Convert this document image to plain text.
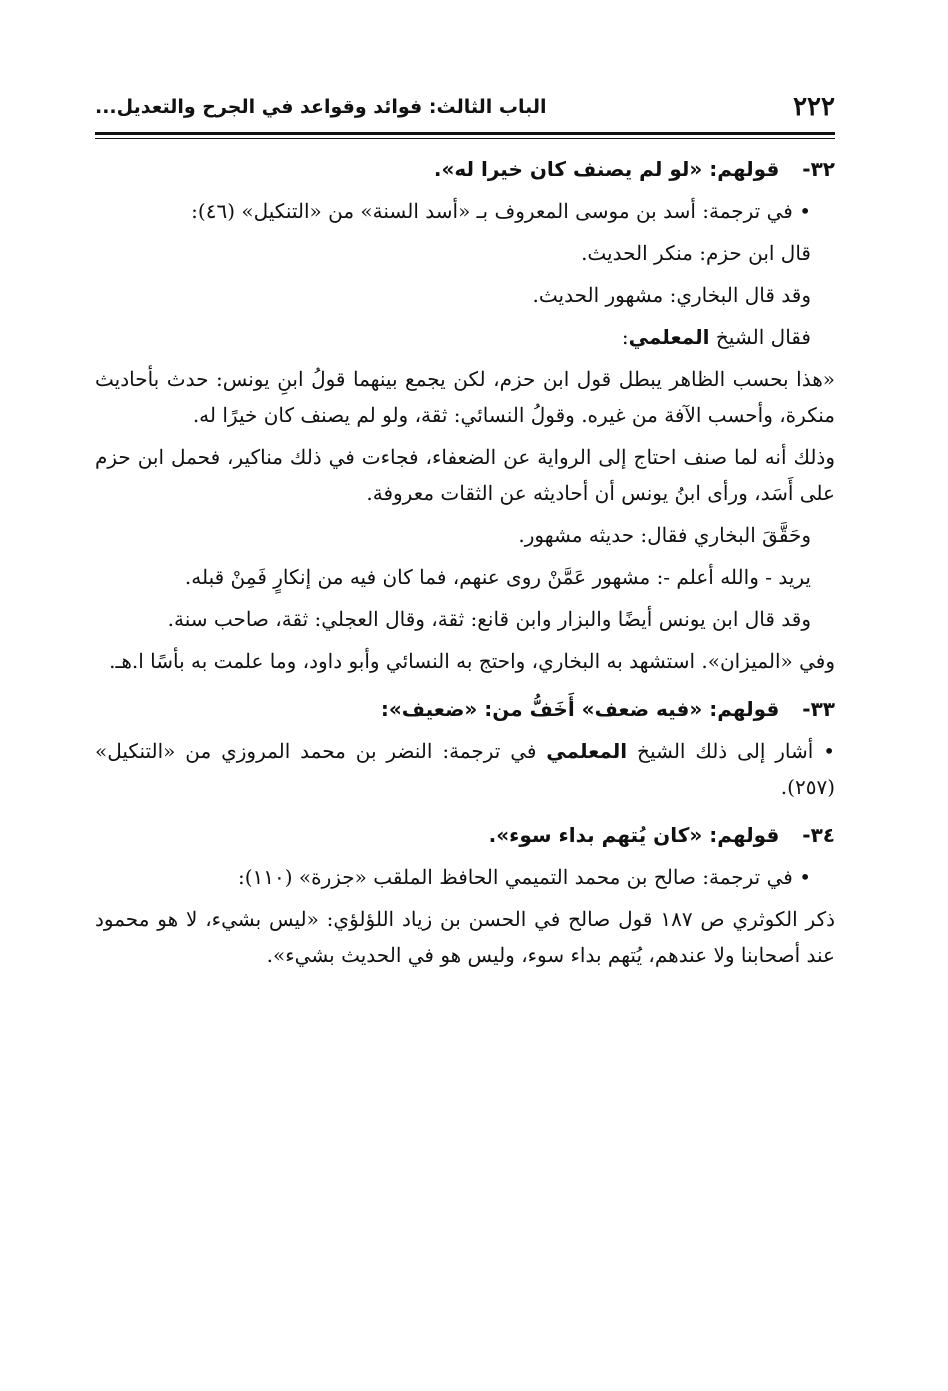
٢٢٢
الباب الثالث: فوائد وقواعد في الجرح والتعديل...
٣٢- قولهم: «لو لم يصنف كان خيرا له».

• في ترجمة: أسد بن موسى المعروف بـ «أسد السنة» من «التنكيل» (٤٦):

قال ابن حزم: منكر الحديث.

وقد قال البخاري: مشهور الحديث.

فقال الشيخ المعلمي:

«هذا بحسب الظاهر يبطل قول ابن حزم، لكن يجمع بينهما قولُ ابنِ يونس: حدث بأحاديث منكرة، وأحسب الآفة من غيره. وقولُ النسائي: ثقة، ولو لم يصنف كان خيرًا له.

وذلك أنه لما صنف احتاج إلى الرواية عن الضعفاء، فجاءت في ذلك مناكير، فحمل ابن حزم على أَسَد، ورأى ابنُ يونس أن أحاديثه عن الثقات معروفة.

وحَقَّقَ البخاري فقال: حديثه مشهور.

يريد - والله أعلم -: مشهور عَمَّنْ روى عنهم، فما كان فيه من إنكارٍ فَمِنْ قبله.

وقد قال ابن يونس أيضًا والبزار وابن قانع: ثقة، وقال العجلي: ثقة، صاحب سنة.

وفي «الميزان». استشهد به البخاري، واحتج به النسائي وأبو داود، وما علمت به بأسًا ا.هـ.

٣٣- قولهم: «فيه ضعف» أَخَفُّ من: «ضعيف»:

• أشار إلى ذلك الشيخ المعلمي في ترجمة: النضر بن محمد المروزي من «التنكيل» (٢٥٧).

٣٤- قولهم: «كان يُتهم بداء سوء».

• في ترجمة: صالح بن محمد التميمي الحافظ الملقب «جزرة» (١١٠):

ذكر الكوثري ص ١٨٧ قول صالح في الحسن بن زياد اللؤلؤي: «ليس بشيء، لا هو محمود عند أصحابنا ولا عندهم، يُتهم بداء سوء، وليس هو في الحديث بشيء».
